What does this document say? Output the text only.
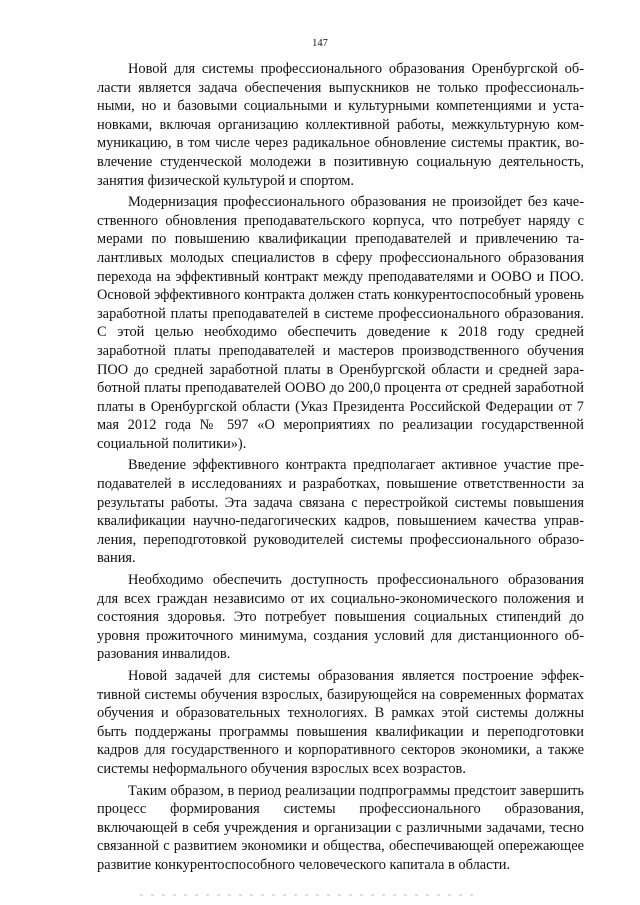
147

Новой для системы профессионального образования Оренбургской области является задача обеспечения выпускников не только профессиональными, но и базовыми социальными и культурными компетенциями и установками, включая организацию коллективной работы, межкультурную коммуникацию, в том числе через радикальное обновление системы практик, вовлечение студенческой молодежи в позитивную социальную деятельность, занятия физической культурой и спортом.

Модернизация профессионального образования не произойдет без качественного обновления преподавательского корпуса, что потребует наряду с мерами по повышению квалификации преподавателей и привлечению талантливых молодых специалистов в сферу профессионального образования перехода на эффективный контракт между преподавателями и ООВО и ПОО. Основой эффективного контракта должен стать конкурентоспособный уровень заработной платы преподавателей в системе профессионального образования. С этой целью необходимо обеспечить доведение к 2018 году средней заработной платы преподавателей и мастеров производственного обучения ПОО до средней заработной платы в Оренбургской области и средней заработной платы преподавателей ООВО до 200,0 процента от средней заработной платы в Оренбургской области (Указ Президента Российской Федерации от 7 мая 2012 года № 597 «О мероприятиях по реализации государственной социальной политики»).

Введение эффективного контракта предполагает активное участие преподавателей в исследованиях и разработках, повышение ответственности за результаты работы. Эта задача связана с перестройкой системы повышения квалификации научно-педагогических кадров, повышением качества управления, переподготовкой руководителей системы профессионального образования.

Необходимо обеспечить доступность профессионального образования для всех граждан независимо от их социально-экономического положения и состояния здоровья. Это потребует повышения социальных стипендий до уровня прожиточного минимума, создания условий для дистанционного образования инвалидов.

Новой задачей для системы образования является построение эффективной системы обучения взрослых, базирующейся на современных форматах обучения и образовательных технологиях. В рамках этой системы должны быть поддержаны программы повышения квалификации и переподготовки кадров для государственного и корпоративного секторов экономики, а также системы неформального обучения взрослых всех возрастов.

Таким образом, в период реализации подпрограммы предстоит завершить процесс формирования системы профессионального образования, включающей в себя учреждения и организации с различными задачами, тесно связанной с развитием экономики и общества, обеспечивающей опережающее развитие конкурентоспособного человеческого капитала в области.
